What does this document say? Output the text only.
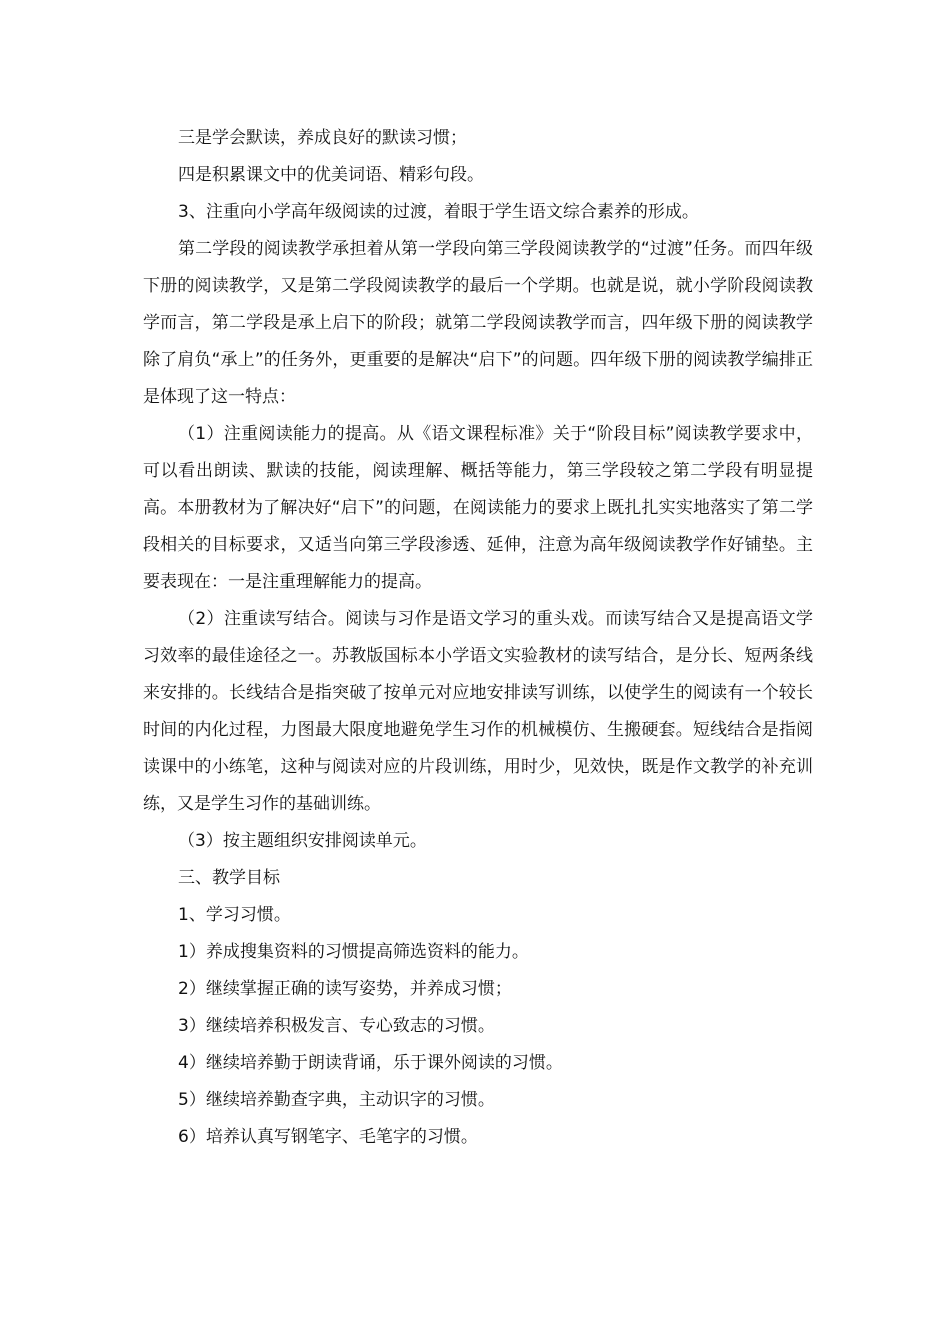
三是学会默读，养成良好的默读习惯；

四是积累课文中的优美词语、精彩句段。

3、注重向小学高年级阅读的过渡，着眼于学生语文综合素养的形成。

第二学段的阅读教学承担着从第一学段向第三学段阅读教学的“过渡”任务。而四年级下册的阅读教学，又是第二学段阅读教学的最后一个学期。也就是说，就小学阶段阅读教学而言，第二学段是承上启下的阶段；就第二学段阅读教学而言，四年级下册的阅读教学除了肩负“承上”的任务外，更重要的是解决“启下”的问题。四年级下册的阅读教学编排正是体现了这一特点：

（1）注重阅读能力的提高。从《语文课程标准》关于“阶段目标”阅读教学要求中，可以看出朗读、默读的技能，阅读理解、概括等能力，第三学段较之第二学段有明显提高。本册教材为了解决好“启下”的问题，在阅读能力的要求上既扎扎实实地落实了第二学段相关的目标要求，又适当向第三学段渗透、延伸，注意为高年级阅读教学作好铺垫。主要表现在：一是注重理解能力的提高。

（2）注重读写结合。阅读与习作是语文学习的重头戏。而读写结合又是提高语文学习效率的最佳途径之一。苏教版国标本小学语文实验教材的读写结合，是分长、短两条线来安排的。长线结合是指突破了按单元对应地安排读写训练，以使学生的阅读有一个较长时间的内化过程，力图最大限度地避免学生习作的机械模仿、生搬硬套。短线结合是指阅读课中的小练笔，这种与阅读对应的片段训练，用时少，见效快，既是作文教学的补充训练，又是学生习作的基础训练。

（3）按主题组织安排阅读单元。

三、教学目标

1、学习习惯。

1）养成搜集资料的习惯提高筛选资料的能力。

2）继续掌握正确的读写姿势，并养成习惯；

3）继续培养积极发言、专心致志的习惯。

4）继续培养勤于朗读背诵，乐于课外阅读的习惯。

5）继续培养勤查字典，主动识字的习惯。

6）培养认真写钢笔字、毛笔字的习惯。
